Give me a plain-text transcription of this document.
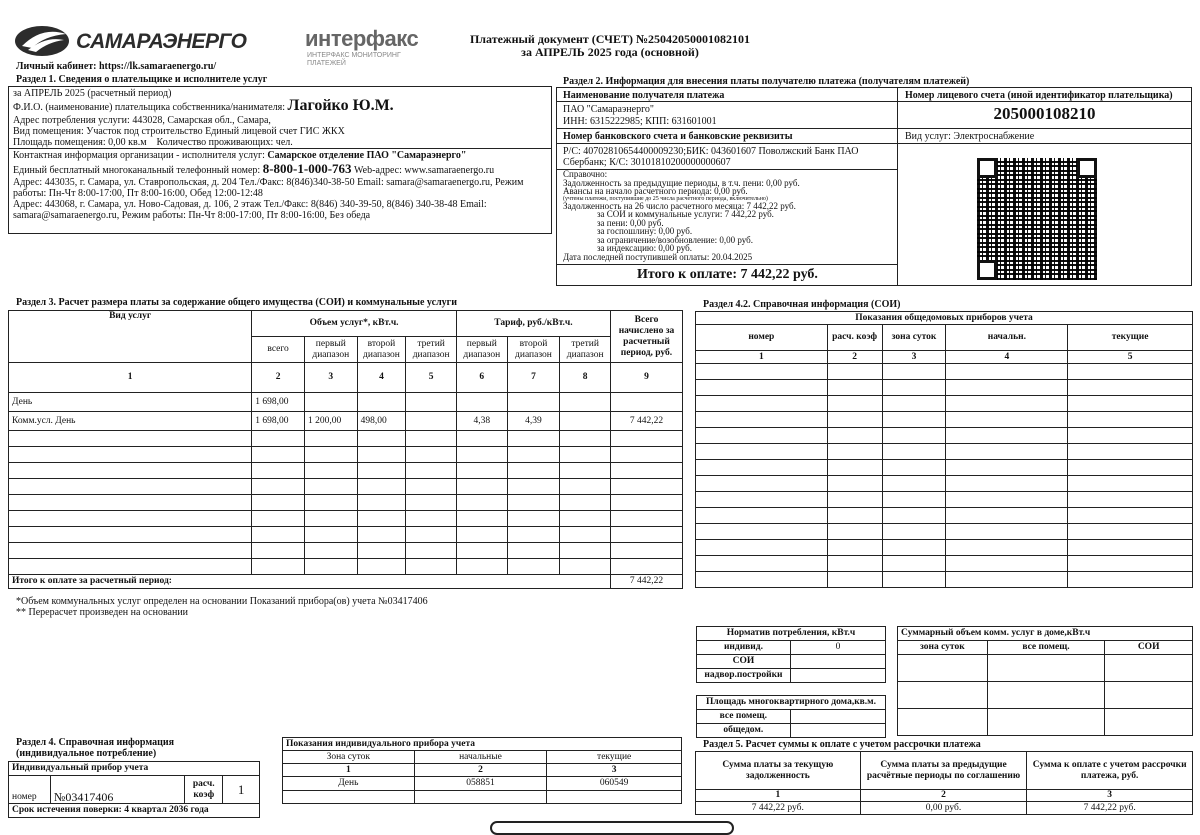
САМАРАЭНЕРГО	интерфакс
ИНТЕРФАКС МОНИТОРИНГ ПЛАТЕЖЕЙ
Платежный документ (СЧЕТ) №25042050001082101
за АПРЕЛЬ 2025 года (основной)
Личный кабинет: https://lk.samaraenergo.ru/
Раздел 1. Сведения о плательщике и исполнителе услуг
за АПРЕЛЬ 2025 (расчетный период)
Ф.И.О. (наименование) плательщика собственника/нанимателя: Лагойко Ю.М.
Адрес потребления услуги: 443028, Самарская обл., Самара,
Вид помещения: Участок под строительство Единый лицевой счет ГИС ЖКХ
Площадь помещения: 0,00 кв.м    Количество проживающих: чел.
Контактная информация организации - исполнителя услуг: Самарское отделение ПАО "Самараэнерго"
Единый бесплатный многоканальный телефонный номер: 8-800-1-000-763 Web-адрес: www.samaraenergo.ru
Адрес: 443035, г. Самара, ул. Ставропольская, д. 204 Тел./Факс: 8(846)340-38-50 Email: samara@samaraenergo.ru, Режим работы: Пн-Чт 8:00-17:00, Пт 8:00-16:00, Обед 12:00-12:48
Адрес: 443068, г. Самара, ул. Ново-Садовая, д. 106, 2 этаж Тел./Факс: 8(846) 340-39-50, 8(846) 340-38-48 Email: samara@samaraenergo.ru, Режим работы: Пн-Чт 8:00-17:00, Пт 8:00-16:00, Без обеда
Раздел 2. Информация для внесения платы получателю платежа (получателям платежей)
Наименование получателя платежа	Номер лицевого счета (иной идентификатор плательщика)
ПАО "Самараэнерго"
ИНН: 6315222985; КПП: 631601001	205000108210
Номер банковского счета и банковские реквизиты	Вид услуг: Электроснабжение
Р/С: 40702810654400009230;БИК: 043601607 Поволжский Банк ПАО
Сбербанк; К/С: 30101810200000000607
Справочно:
Задолженность за предыдущие периоды, в т.ч. пени: 0,00 руб.
Авансы на начало расчетного периода: 0,00 руб.
(учтены платежи, поступившие до 25 числа расчетного периода, включительно)
Задолженность на 26 число расчетного месяца: 7 442,22 руб.
за СОИ и коммунальные услуги: 7 442,22 руб.
за пени: 0,00 руб.
за госпошлину: 0,00 руб.
за ограничение/возобновление: 0,00 руб.
за индексацию: 0,00 руб.
Дата последней поступившей оплаты: 20.04.2025
Итого к оплате: 7 442,22 руб.
Раздел 3. Расчет размера платы за содержание общего имущества (СОИ) и коммунальные услуги
Вид услуг	Объем услуг*, кВт.ч.				Тариф, руб./кВт.ч.			Всего начислено за расчетный период, руб.
	всего	первый диапазон	второй диапазон	третий диапазон	первый диапазон	второй диапазон	третий диапазон	
1	2	3	4	5	6	7	8	9
День	1 698,00							
Комм.усл. День	1 698,00	1 200,00	498,00		4,38	4,39		7 442,22

Итого к оплате за расчетный период:								7 442,22
*Объем коммунальных услуг определен на основании Показаний прибора(ов) учета №03417406
** Перерасчет произведен на основании
Раздел 4.2. Справочная информация (СОИ)
Показания общедомовых приборов учета				
номер	расч. коэф	зона суток	начальн.	текущие
1	2	3	4	5

Норматив потребления, кВт.ч	
индивид.	0
СОИ	
надвор.постройки	
Суммарный объем комм. услуг в доме,кВт.ч		
зона суток	все помещ.	СОИ

Площадь многоквартирного дома,кв.м.	
все помещ.	
общедом.	
Раздел 4. Справочная информация (индивидуальное потребление)
Индивидуальный прибор учета
номер	№03417406	расч. коэф	1
Срок истечения поверки: 4 квартал 2036 года
Показания индивидуального прибора учета		
Зона суток	начальные	текущие
1	2	3
День	058851	060549

Раздел 5. Расчет суммы к оплате с учетом рассрочки платежа
Сумма платы за текущую задолженность	Сумма платы за предыдущие расчётные периоды по соглашению	Сумма к оплате с учетом рассрочки платежа, руб.
1	2	3
7 442,22 руб.	0,00 руб.	7 442,22 руб.
